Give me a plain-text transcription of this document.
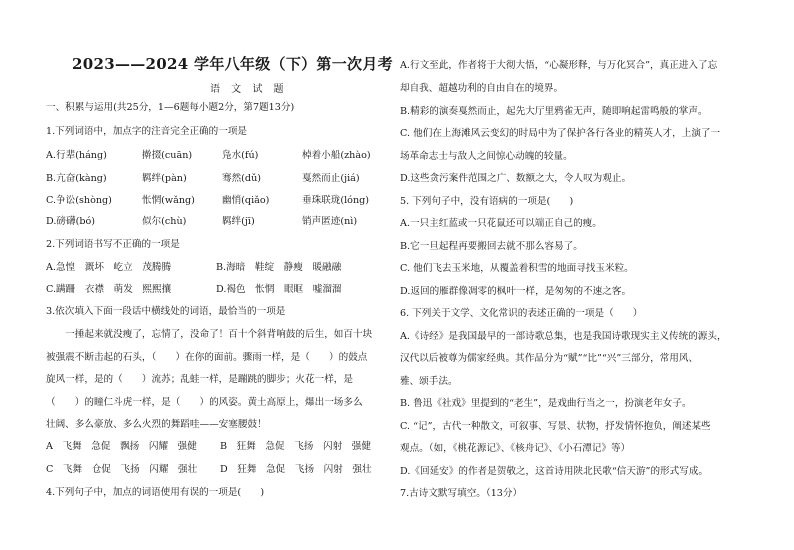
2023——2024 学年八年级（下）第一次月考
语 文 试 题
一、积累与运用(共25分，1—6题每小题2分，第7题13分)
1.下列词语中，加点字的注音完全正确的一项是
A.行辈(háng)	擀掇(cuān)	凫水(fú)	棹着小船(zhào)
B.亢奋(kàng)	羁绊(pàn)	骞然(dǔ)	戛然而止(jiá)
C.争讼(shòng)	怅惘(wǎng)	幽悄(qiǎo)	垂珠联珑(lóng)
D.磅礴(bó)	似尔(chù)	羁绊(jī)	销声匿迹(nì)
2.下列词语书写不正确的一项是
A.急惶　溉坏　屹立　茂腾腾	B.海暗　鞋绽　静瘦　暖融融
C.蹒跚　衣襟　萌发　熙熙攘	D.褐色　怅惘　眼眶　嘘溜溜
3.依次填入下面一段话中横线处的词语，最恰当的一项是
　　一捶起来就没瘦了，忘情了，没命了！百十个斜背响鼓的后生，如百十块
被强震不断击起的石头，（　　）在你的面前。骤雨一样，是（　　）的鼓点
旋风一样，是的（　　）流苏；乱蛙一样，是蹦跳的脚步；火花一样，是
（　　）的瞳仁斗虎一样，是（　　）的风姿。黄土高原上，爆出一场多么
壮阔、多么豪放、多么火烈的舞蹈哇——安塞腰鼓！
A　飞舞　急促　飘扬　闪耀　强健 B　狂舞　急促　飞扬　闪射　强健
C　飞舞　仓促　飞扬　闪耀　强壮 D　狂舞　急促　飞扬　闪射　强壮
4.下列句子中，加点的词语使用有误的一项是(　　)
A.行文至此，作者将于大彻大悟，“心凝形释，与万化冥合”，真正进入了忘
却自我、超越功利的自由自在的境界。
B.精彩的演奏戛然而止，起先大厅里鸦雀无声，随即响起雷鸣般的掌声。
C. 他们在上海滩风云变幻的时局中为了保护各行各业的精英人才，上演了一
场革命志士与敌人之间惊心动魄的较量。
D.这些贪污案件范围之广、数额之大，令人叹为观止。
5. 下列句子中，没有语病的一项是(　　)
A.一只主红蓝或一只花鼠还可以端正自己的瘦。
B.它一旦起程再要搬回去就不那么容易了。
C. 他们飞去玉米地，从覆盖着积雪的地面寻找玉米粒。
D.返回的雁群像凋零的枫叶一样，是匆匆的不速之客。
6. 下列关于文学、文化常识的表述正确的一项是（　　）
A.《诗经》是我国最早的一部诗歌总集，也是我国诗歌现实主义传统的源头，
汉代以后被尊为儒家经典。其作品分为“赋”“比”“兴”三部分，常用风、
雅、颂手法。
B. 鲁迅《社戏》里提到的“老生”，是戏曲行当之一，扮演老年女子。
C. “记”，古代一种散文，可叙事、写景、状物，抒发情怀抱负，阐述某些
观点。（如，《桃花源记》、《核舟记》、《小石潭记》等）
D.《回延安》的作者是贺敬之，这首诗用陕北民歌“信天游”的形式写成。
7.古诗文默写填空。（13分）
